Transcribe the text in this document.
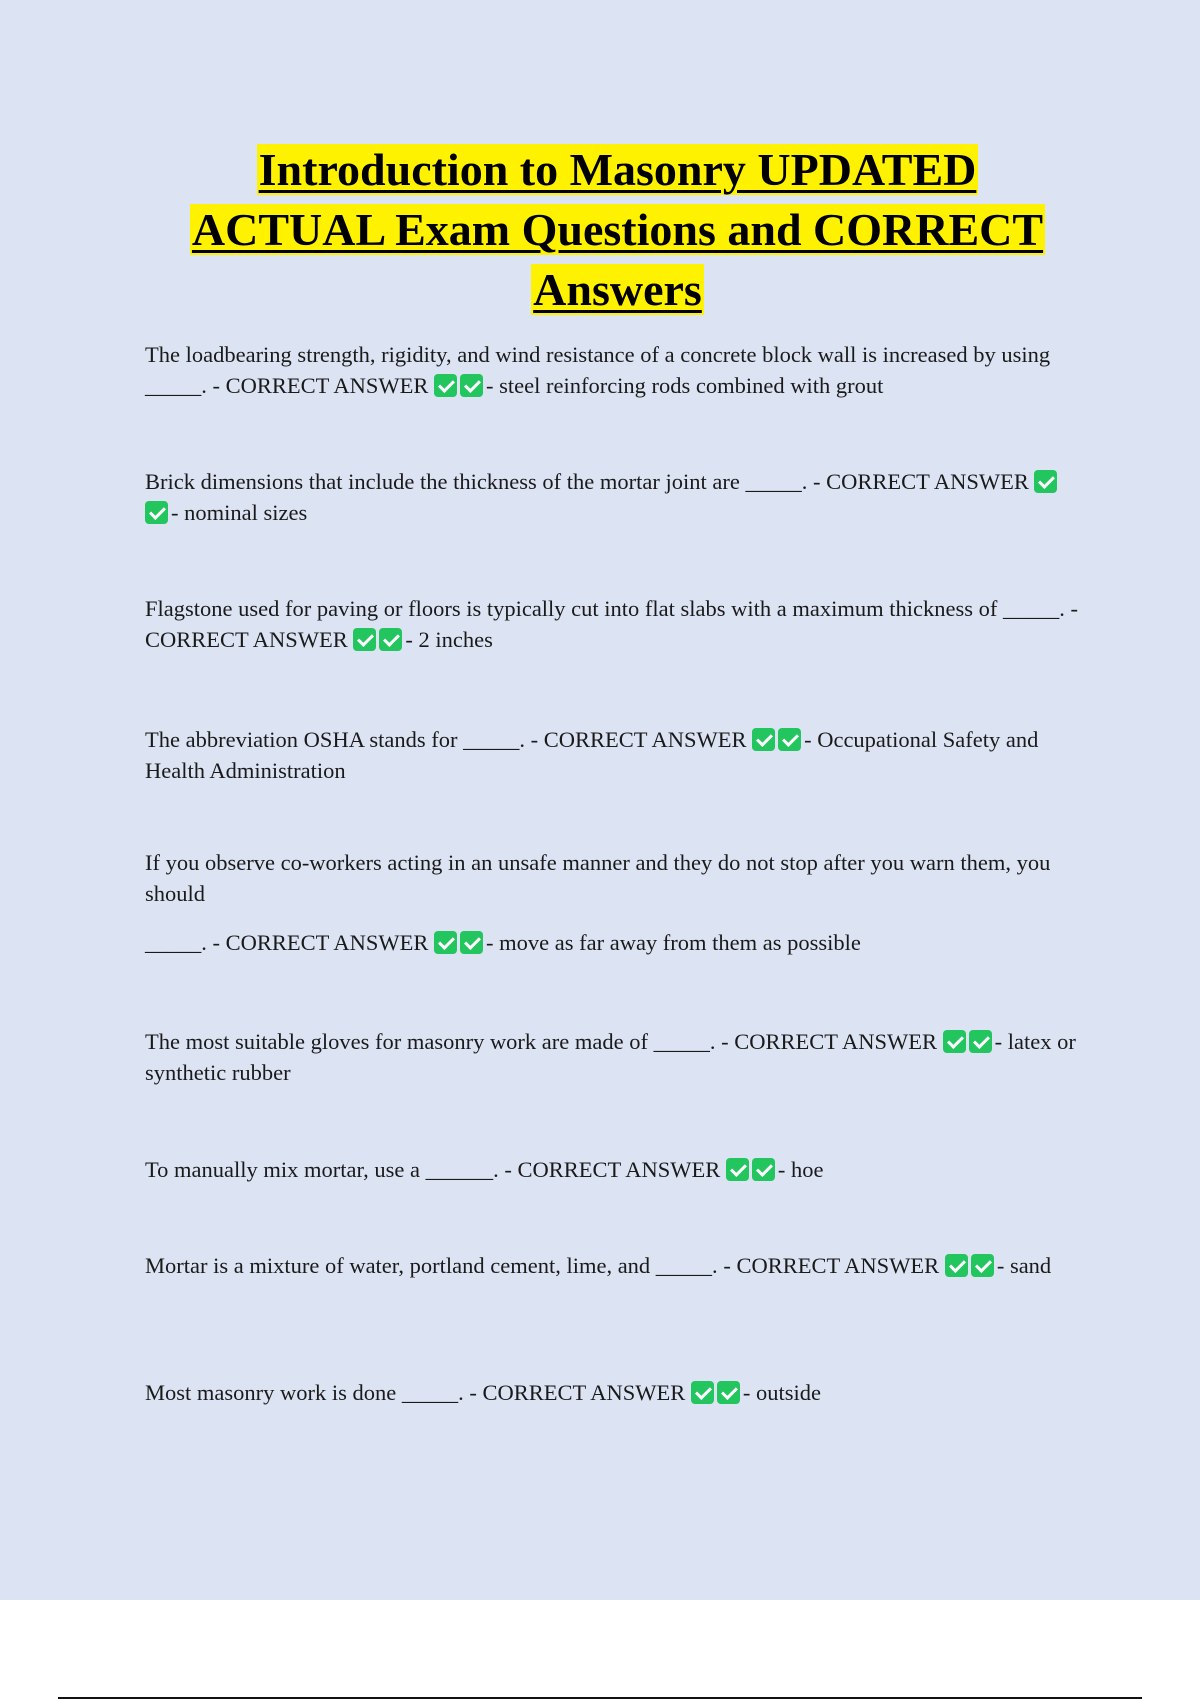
Introduction to Masonry UPDATED
ACTUAL Exam Questions and CORRECT
Answers
The loadbearing strength, rigidity, and wind resistance of a concrete block wall is increased by using _____. - CORRECT ANSWER	- steel reinforcing rods combined with grout
Brick dimensions that include the thickness of the mortar joint are _____. - CORRECT ANSWER - nominal sizes
Flagstone used for paving or floors is typically cut into flat slabs with a maximum thickness of _____. - CORRECT ANSWER	- 2 inches
The abbreviation OSHA stands for _____. - CORRECT ANSWER	- Occupational Safety and Health Administration
If you observe co-workers acting in an unsafe manner and they do not stop after you warn them, you should
_____. - CORRECT ANSWER	- move as far away from them as possible
The most suitable gloves for masonry work are made of _____. - CORRECT ANSWER	- latex or synthetic rubber
To manually mix mortar, use a ______. - CORRECT ANSWER	- hoe
Mortar is a mixture of water, portland cement, lime, and _____. - CORRECT ANSWER	- sand
Most masonry work is done _____. - CORRECT ANSWER	- outside
